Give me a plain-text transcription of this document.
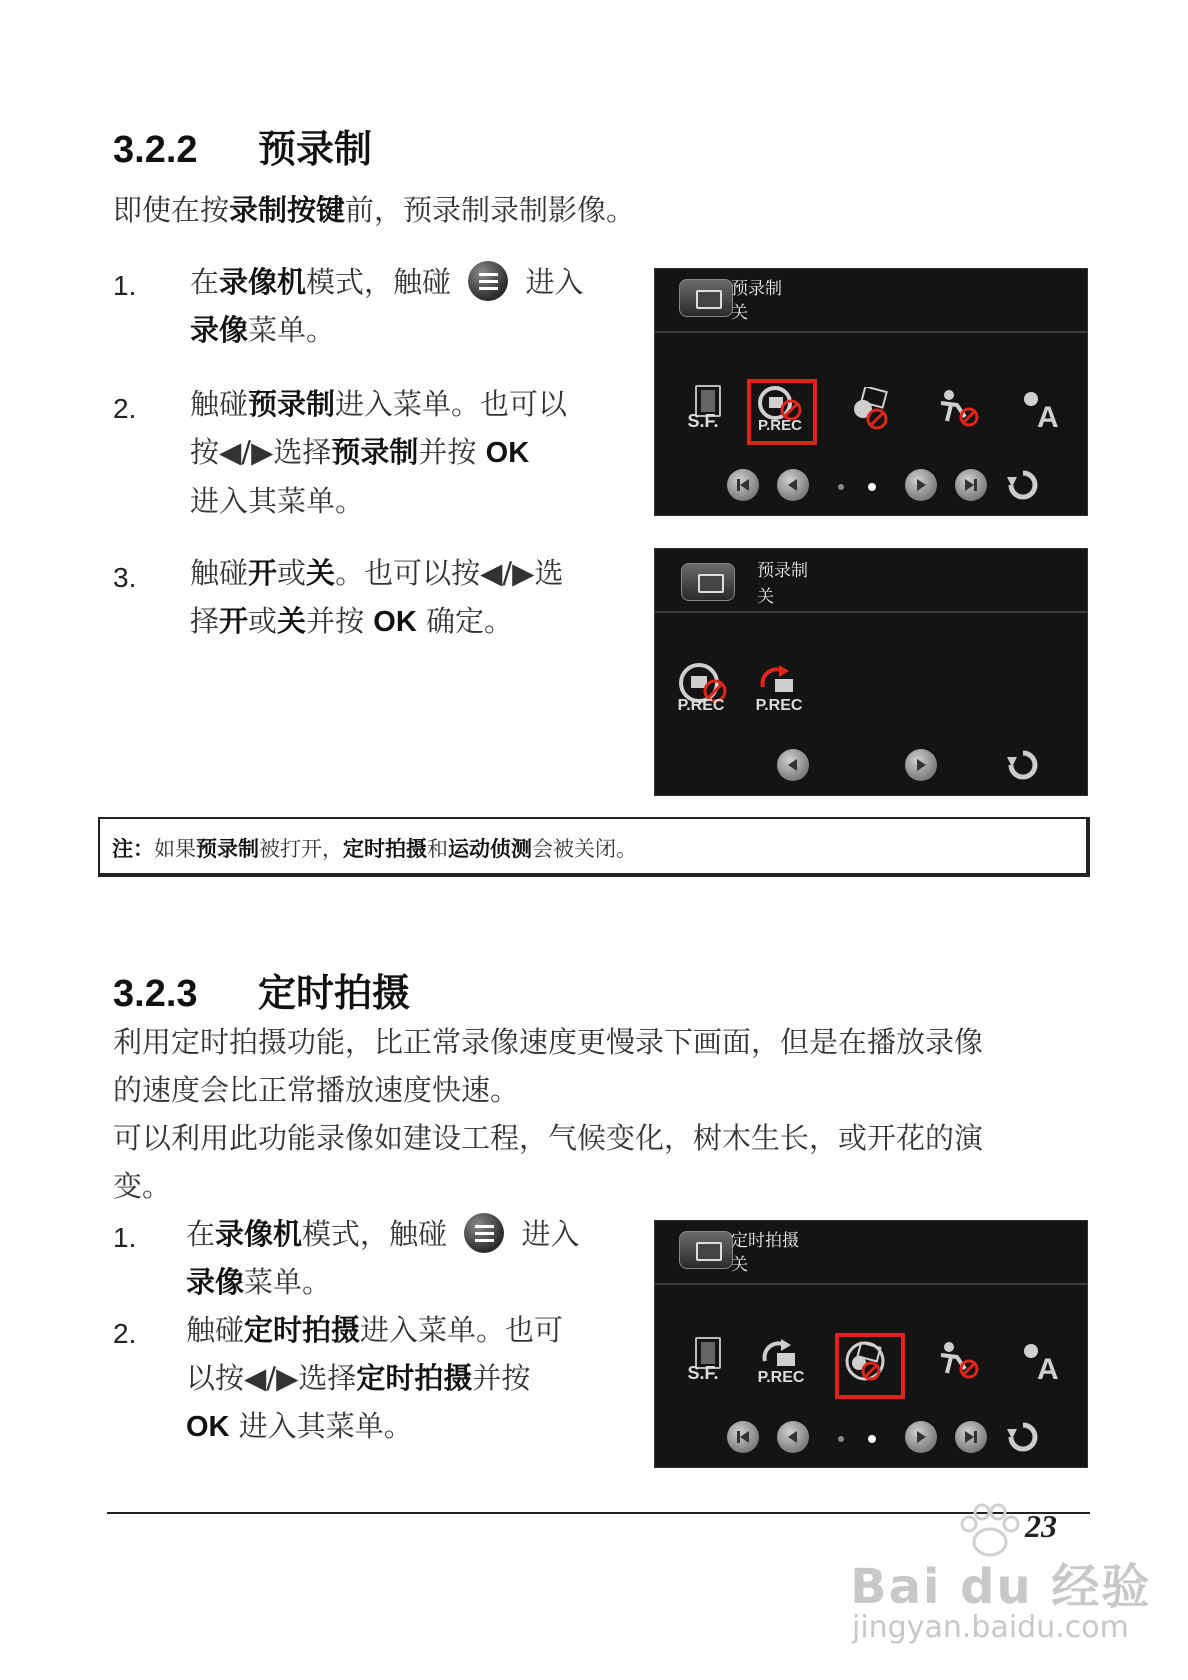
3.2.2 预录制
即使在按录制按键前，预录制录制影像。
1. 在录像机模式，触碰	进入
录像菜单。
2. 触碰预录制进入菜单。也可以
按◀/▶选择预录制并按 OK
进入其菜单。
3. 触碰开或关。也可以按◀/▶选
择开或关并按 OK 确定。
预录制
关
S.F.	P.REC	A
预录制
关
P.REC	P.REC
注：如果预录制被打开，定时拍摄和运动侦测会被关闭。
3.2.3 定时拍摄
利用定时拍摄功能，比正常录像速度更慢录下画面，但是在播放录像
的速度会比正常播放速度快速。
可以利用此功能录像如建设工程，气候变化，树木生长，或开花的演
变。
1. 在录像机模式，触碰	进入
录像菜单。
2. 触碰定时拍摄进入菜单。也可
以按◀/▶选择定时拍摄并按
OK 进入其菜单。
定时拍摄
关
S.F.	P.REC	A
23
Bai du 经验
jingyan.baidu.com
